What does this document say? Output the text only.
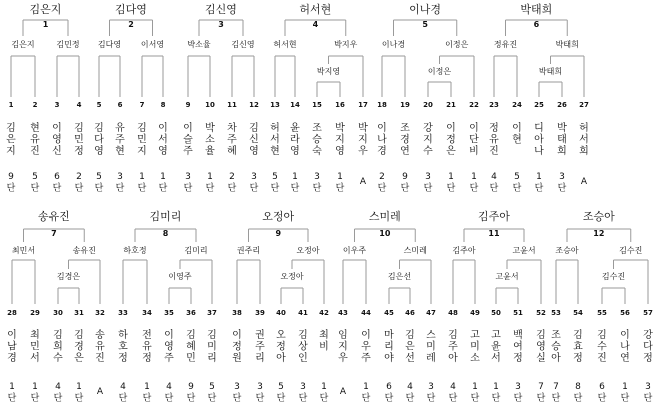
김은지
1
김은지	김민정
1
김
은
지
9
단
2
현
유
진
5
단
3
이
영
신
6
단
4
김
민
정
2
단
김다영
2
김다영 이서영
5
김
다
영
5
단
6
유
주
현
3
단
7
김
민
지
1
단
8
이
서
영
1
단
김신영
3
박소율	김신영
9
이
슬
주
3
단
10
박
소
율
1
단
11
차
주
혜
2
단
12
김
신
영
3
단
허서현
4
허서현	박지우
박지영
13
허
서
현
5
단
14
윤
라
영
1
단
15
조
승
숙
3
단
16
박
지
영
1
단
17
박
지
우
A
이나경
5
이나경	이정은
이정은
18
이
나
경
2
단
19
조
경
연
9
단
20
강
지
수
3
단
21
이
정
은
1
단
22
이
단
비
1
단
박태희
6
정유진	박태희
박태희
23
정
유
진
4
단
24
이
현
5
단
25
디
아
나
1
단
26
박
태
희
3
단
27
허
서
희
A
송유진
7
최민서	송유진
김경은
28
이
남
경
1
단
29
최
민
서
1
단
30
김
희
수
4
단
31
김
경
은
1
단
32
송
유
진
A
김미리
8
하호정	김미리
이영주
33
하
호
정
4
단
34
전
유
정
1
단
35
이
영
주
4
단
36
김
혜
민
9
단
37
김
미
리
5
단
오정아
9
권주리	오정아
오정아
38
이
정
원
3
단
39
권
주
리
3
단
40
오
정
아
5
단
41
김
상
인
3
단
42
최
비
1
단
스미레
10
이우주	스미레
김은선
43
임
지
우
A
44
이
우
주
1
단
45
마
리
야
6
단
46
김
은
선
4
단
47
스
미
레
3
단
김주아
11
김주아	고윤서
고윤서
48
김
주
아
4
단
49
고
미
소
1
단
50
고
윤
서
1
단
51
백
여
정
3
단
52
김
영
실
7
단
조승아
12
조승아	김수진
김수진
53
조
승
아
7
단
54
김
효
정
8
단
55
김
수
진
6
단
56
이
나
연
1
단
57
강
다
정
3
단
